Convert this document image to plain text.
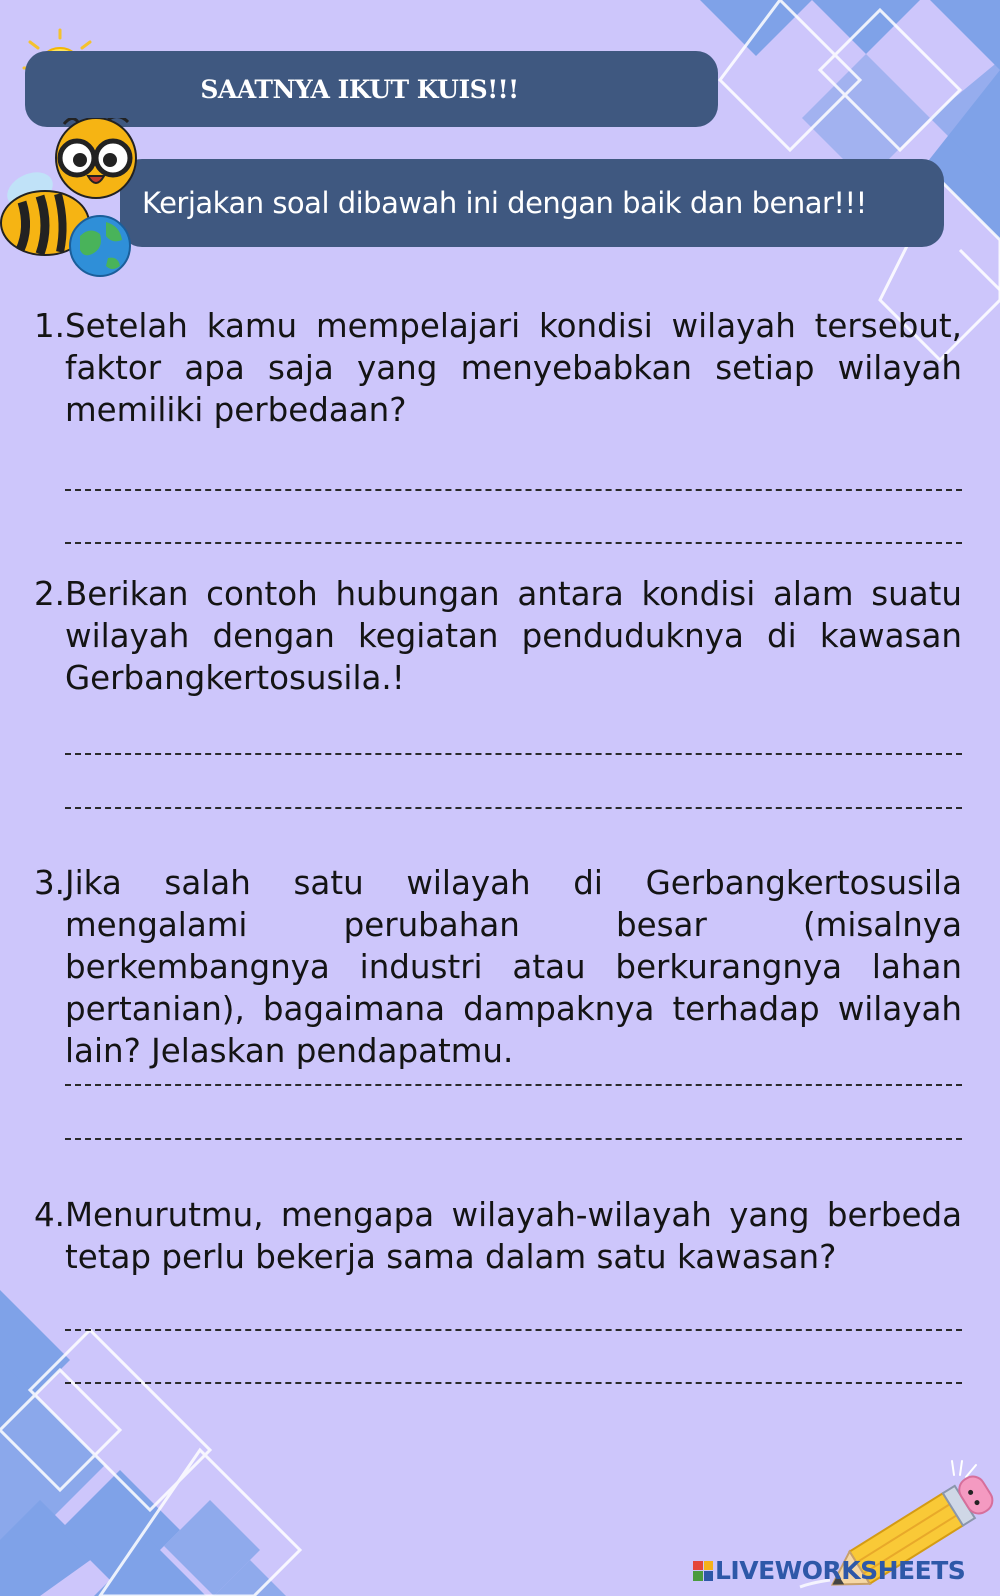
SAATNYA IKUT KUIS!!!
Kerjakan soal dibawah ini dengan baik dan benar!!!
1. Setelah kamu mempelajari kondisi wilayah tersebut, faktor apa saja yang menyebabkan setiap wilayah memiliki perbedaan?
2. Berikan contoh hubungan antara kondisi alam suatu wilayah dengan kegiatan penduduknya di kawasan Gerbangkertosusila.!
3. Jika salah satu wilayah di Gerbangkertosusila mengalami perubahan besar (misalnya berkembangnya industri atau berkurangnya lahan pertanian), bagaimana dampaknya terhadap wilayah lain? Jelaskan pendapatmu.
4. Menurutmu, mengapa wilayah-wilayah yang berbeda tetap perlu bekerja sama dalam satu kawasan?
LIVEWORKSHEETS
